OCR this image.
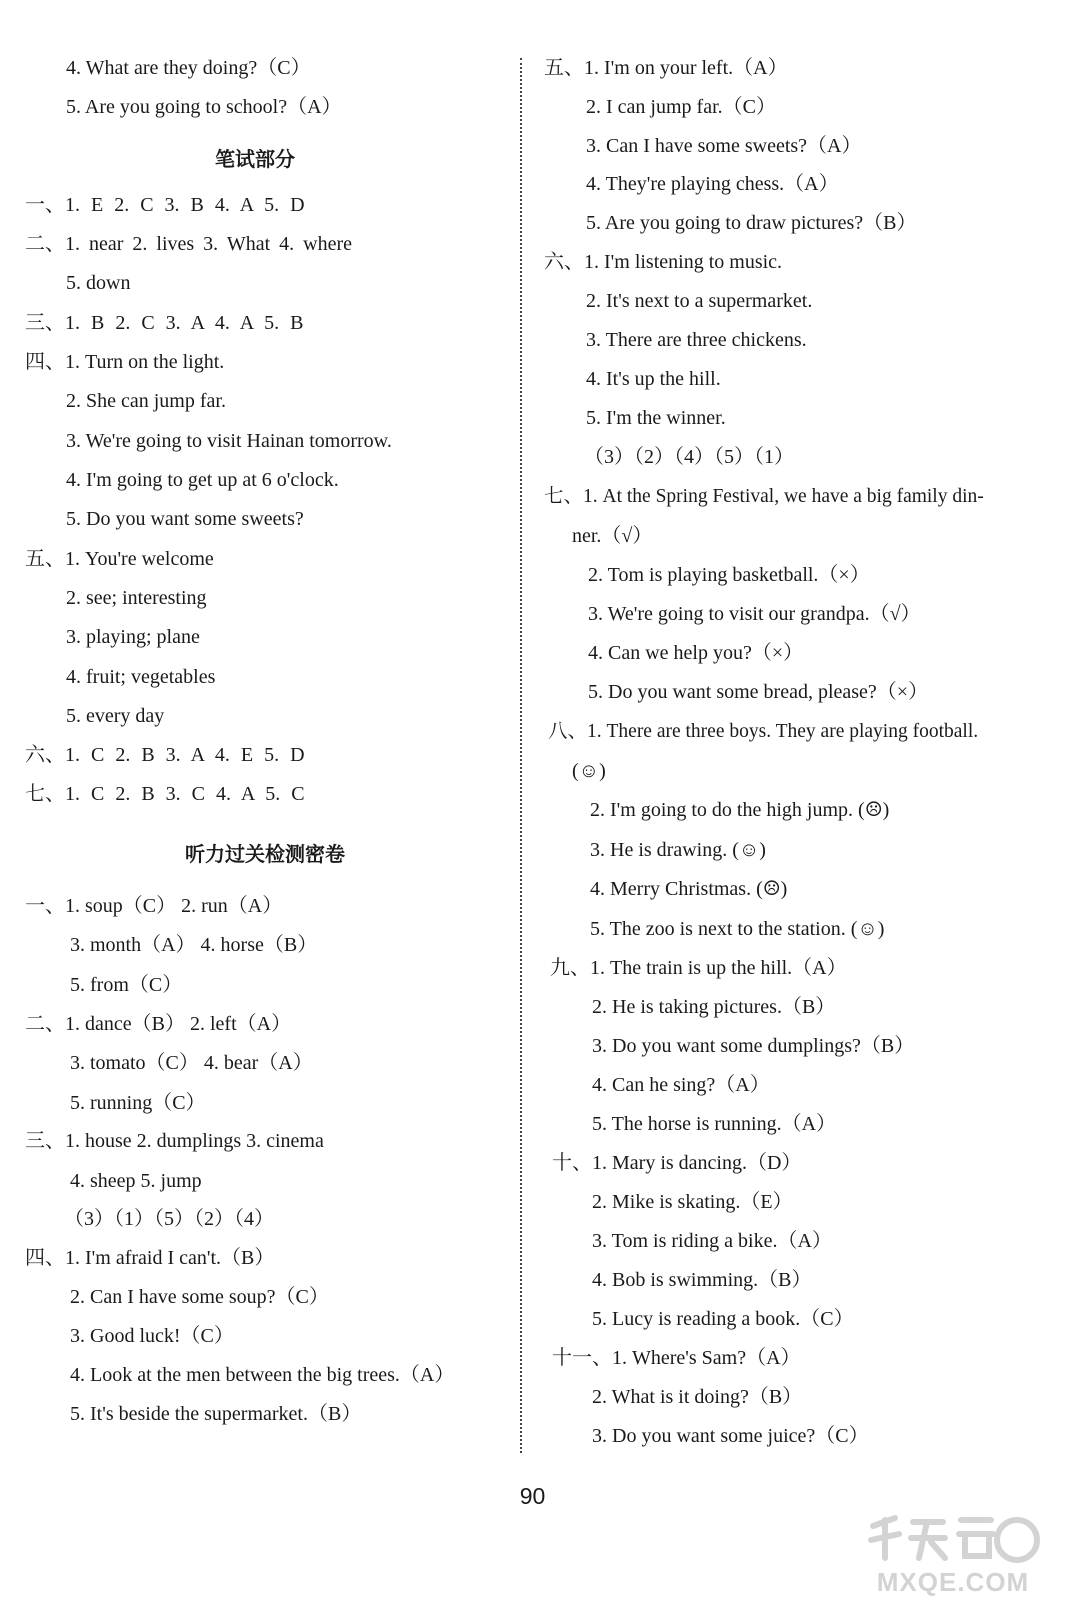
4. What are they doing?（C）
5. Are you going to school?（A）
笔试部分
一、1. E 2. C 3. B 4. A 5. D
二、1. near 2. lives 3. What 4. where
5. down
三、1. B 2. C 3. A 4. A 5. B
四、1. Turn on the light.
2. She can jump far.
3. We're going to visit Hainan tomorrow.
4. I'm going to get up at 6 o'clock.
5. Do you want some sweets?
五、1. You're welcome
2. see; interesting
3. playing; plane
4. fruit; vegetables
5. every day
六、1. C 2. B 3. A 4. E 5. D
七、1. C 2. B 3. C 4. A 5. C
听力过关检测密卷
一、1. soup（C） 2. run（A）
3. month（A） 4. horse（B）
5. from（C）
二、1. dance（B） 2. left（A）
3. tomato（C） 4. bear（A）
5. running（C）
三、1. house 2. dumplings 3. cinema
4. sheep 5. jump
（3）（1）（5）（2）（4）
四、1. I'm afraid I can't.（B）
2. Can I have some soup?（C）
3. Good luck!（C）
4. Look at the men between the big trees.（A）
5. It's beside the supermarket.（B）
五、1. I'm on your left.（A）
2. I can jump far.（C）
3. Can I have some sweets?（A）
4. They're playing chess.（A）
5. Are you going to draw pictures?（B）
六、1. I'm listening to music.
2. It's next to a supermarket.
3. There are three chickens.
4. It's up the hill.
5. I'm the winner.
（3）（2）（4）（5）（1）
七、1. At the Spring Festival, we have a big family din-
ner.（√）
2. Tom is playing basketball.（×）
3. We're going to visit our grandpa.（√）
4. Can we help you?（×）
5. Do you want some bread, please?（×）
八、1. There are three boys. They are playing football.
(☺)
2. I'm going to do the high jump. (☹)
3. He is drawing. (☺)
4. Merry Christmas. (☹)
5. The zoo is next to the station. (☺)
九、1. The train is up the hill.（A）
2. He is taking pictures.（B）
3. Do you want some dumplings?（B）
4. Can he sing?（A）
5. The horse is running.（A）
十、1. Mary is dancing.（D）
2. Mike is skating.（E）
3. Tom is riding a bike.（A）
4. Bob is swimming.（B）
5. Lucy is reading a book.（C）
十一、1. Where's Sam?（A）
2. What is it doing?（B）
3. Do you want some juice?（C）
90
MXQE.COM
